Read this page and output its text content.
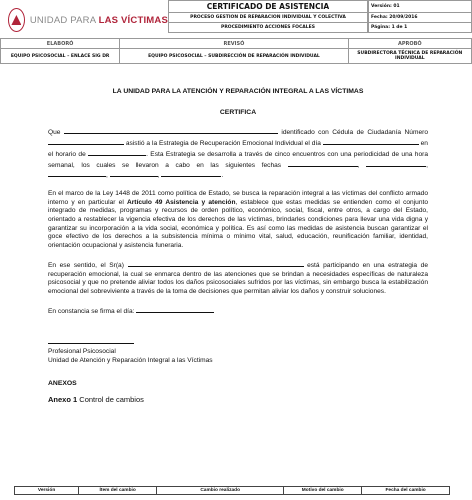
UNIDAD PARA LAS VÍCTIMAS
CERTIFICADO DE ASISTENCIA
PROCESO GESTION DE REPARACION INDIVIDUAL Y COLECTIVA
PROCEDIMIENTO ACCIONES FOCALES
Versión: 01
Fecha: 20/09/2016
Página: 1 de 1
ELABORÓ	REVISÓ	APROBÓ
EQUIPO PSICOSOCIAL – ENLACE SIG DR	EQUIPO PSICOSOCIAL – SUBDIRECCIÓN DE REPARACIÓN INDIVIDUAL	SUBDIRECTORA TÉCNICA DE REPARACIÓN INDIVIDUAL
LA UNIDAD PARA LA ATENCIÓN Y REPARACIÓN INTEGRAL A LAS VÍCTIMAS
CERTIFICA

Que	identificado con Cédula de Ciudadanía Número  asistió a la Estrategia de Recuperación Emocional Individual el día	en el horario de	. Esta Estrategia se desarrolla a través de cinco encuentros con una periodicidad de una hora semanal, los cuales se llevaron a cabo en las siguientes fechas	,	, ,	,	.

En el marco de la Ley 1448 de 2011 como política de Estado, se busca la reparación integral a las víctimas del conflicto armado interno y en particular el Artículo 49 Asistencia y atención, establece que estas medidas se entienden como el conjunto integrado de medidas, programas y recursos de orden político, económico, social, fiscal, entre otros, a cargo del Estado, orientado a restablecer la vigencia efectiva de los derechos de las víctimas, brindarles condiciones para llevar una vida digna y garantizar su incorporación a la vida social, económica y política. Es así como las medidas de asistencia buscan garantizar el goce efectivo de los derechos a la subsistencia mínima o mínimo vital, salud, educación, reunificación familiar, identidad, orientación ocupacional y asistencia funeraria.

En ese sentido, el Sr(a)	está participando en una estrategia de recuperación emocional, la cual se enmarca dentro de las atenciones que se brindan a necesidades específicas de naturaleza psicosocial y que no pretende aliviar todos los daños psicosociales sufridos por las víctimas, sin embargo busca la estabilización emocional del sobreviviente a través de la toma de decisiones que permitan aliviar los daños y construir soluciones.

En constancia se firma el día:

Profesional Psicosocial
Unidad de Atención y Reparación Integral a las Víctimas
ANEXOS
Anexo 1 Control de cambios
Versión	Ítem del cambio	Cambio realizado	Motivo del cambio	Fecha del cambio
